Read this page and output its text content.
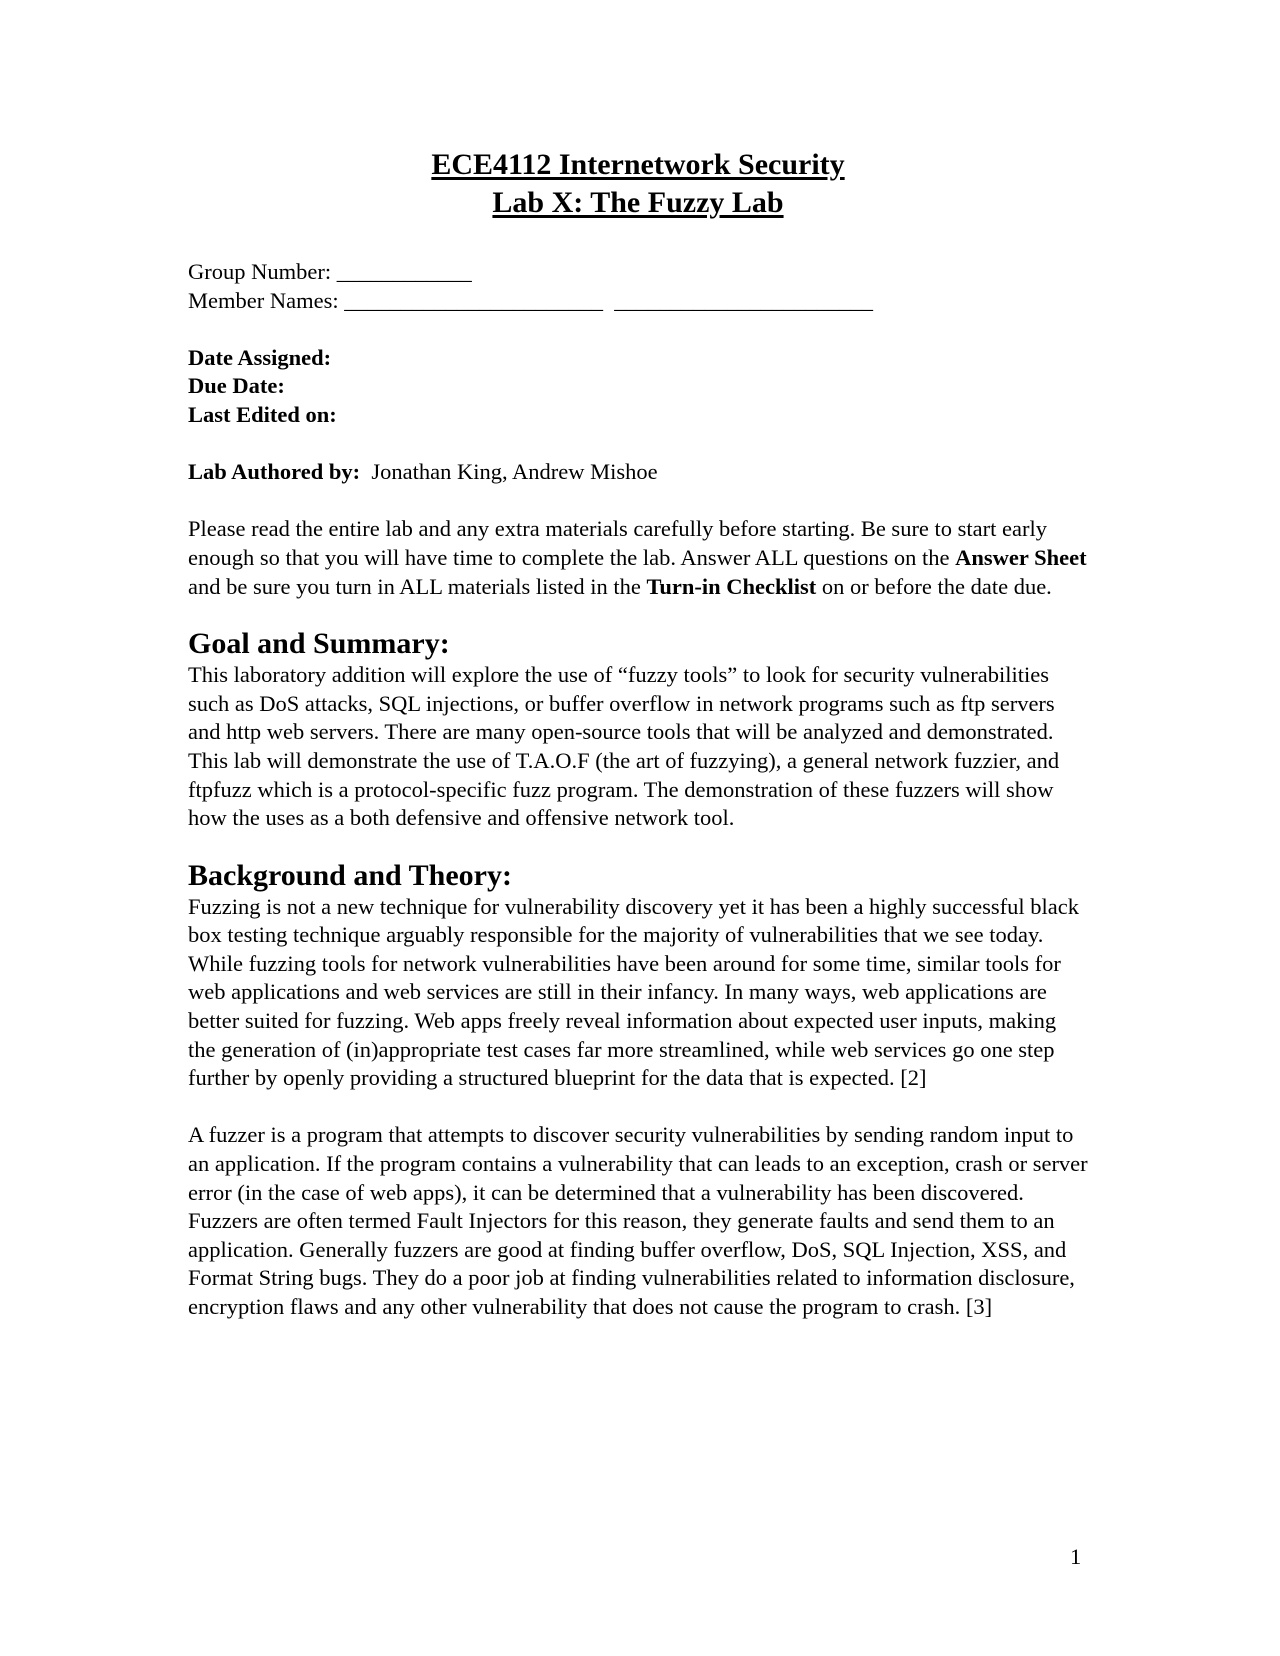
ECE4112 Internetwork Security
Lab X: The Fuzzy Lab
Group Number: ____________
Member Names: _______________________ _______________________
Date Assigned:
Due Date:
Last Edited on:
Lab Authored by: Jonathan King, Andrew Mishoe

Please read the entire lab and any extra materials carefully before starting. Be sure to start early enough so that you will have time to complete the lab. Answer ALL questions on the Answer Sheet and be sure you turn in ALL materials listed in the Turn-in Checklist on or before the date due.

Goal and Summary:

This laboratory addition will explore the use of “fuzzy tools” to look for security vulnerabilities such as DoS attacks, SQL injections, or buffer overflow in network programs such as ftp servers and http web servers. There are many open-source tools that will be analyzed and demonstrated. This lab will demonstrate the use of T.A.O.F (the art of fuzzying), a general network fuzzier, and ftpfuzz which is a protocol-specific fuzz program. The demonstration of these fuzzers will show how the uses as a both defensive and offensive network tool.

Background and Theory:

Fuzzing is not a new technique for vulnerability discovery yet it has been a highly successful black box testing technique arguably responsible for the majority of vulnerabilities that we see today. While fuzzing tools for network vulnerabilities have been around for some time, similar tools for web applications and web services are still in their infancy. In many ways, web applications are better suited for fuzzing. Web apps freely reveal information about expected user inputs, making the generation of (in)appropriate test cases far more streamlined, while web services go one step further by openly providing a structured blueprint for the data that is expected. [2]

A fuzzer is a program that attempts to discover security vulnerabilities by sending random input to an application. If the program contains a vulnerability that can leads to an exception, crash or server error (in the case of web apps), it can be determined that a vulnerability has been discovered. Fuzzers are often termed Fault Injectors for this reason, they generate faults and send them to an application. Generally fuzzers are good at finding buffer overflow, DoS, SQL Injection, XSS, and Format String bugs. They do a poor job at finding vulnerabilities related to information disclosure, encryption flaws and any other vulnerability that does not cause the program to crash. [3]

1
